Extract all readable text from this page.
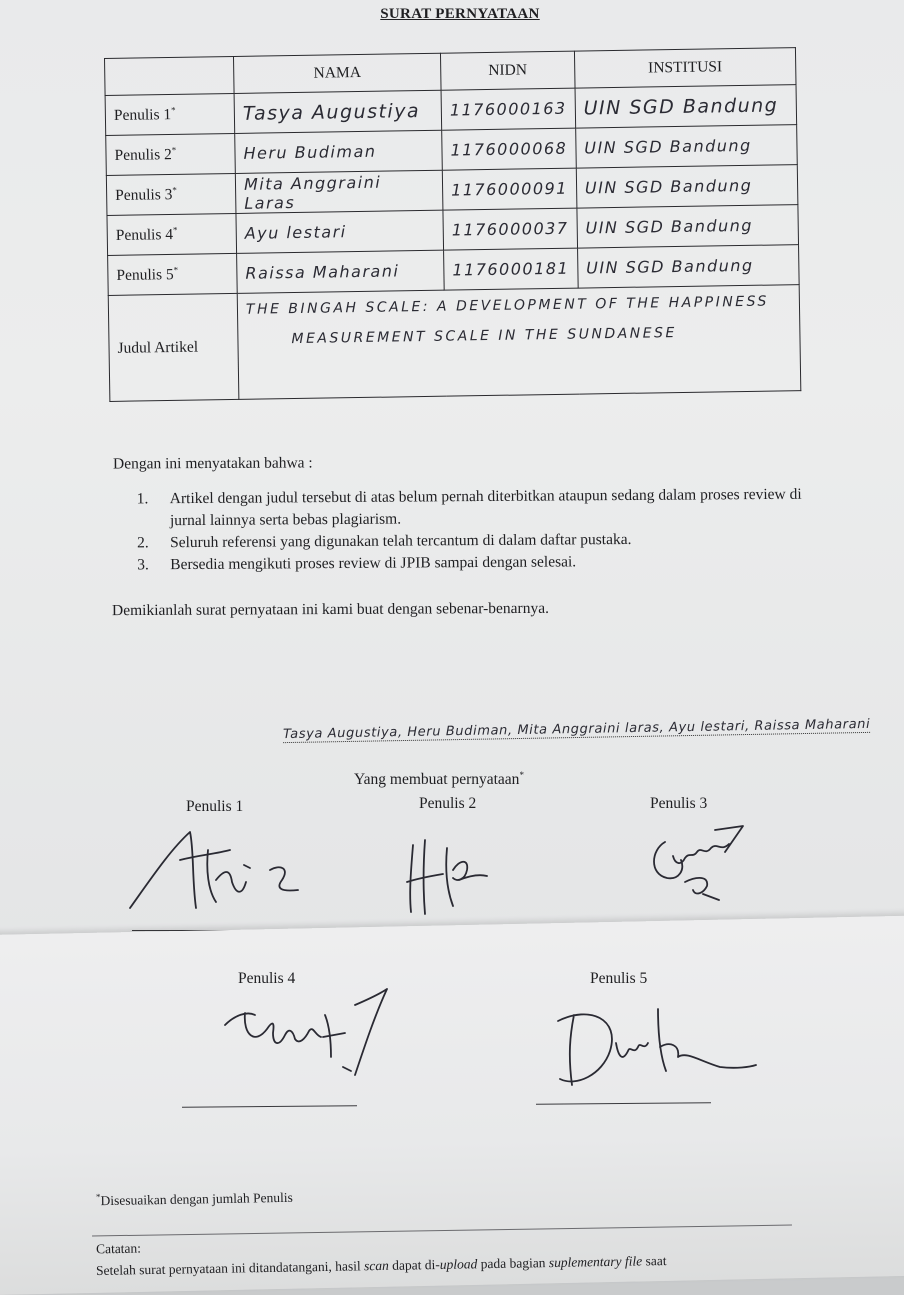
SURAT PERNYATAAN
	NAMA	NIDN	INSTITUSI
Penulis 1*	Tasya Augustiya	1176000163	UIN SGD Bandung
Penulis 2*	Heru Budiman	1176000068	UIN SGD Bandung
Penulis 3*	Mita Anggraini Laras	1176000091	UIN SGD Bandung
Penulis 4*	Ayu lestari	1176000037	UIN SGD Bandung
Penulis 5*	Raissa Maharani	1176000181	UIN SGD Bandung
Judul Artikel	THE BINGAH SCALE: A DEVELOPMENT OF THE HAPPINESS
MEASUREMENT SCALE IN THE SUNDANESE		
Dengan ini menyatakan bahwa :
1. Artikel dengan judul tersebut di atas belum pernah diterbitkan ataupun sedang dalam proses review di jurnal lainnya serta bebas plagiarism.
2. Seluruh referensi yang digunakan telah tercantum di dalam daftar pustaka.
3. Bersedia mengikuti proses review di JPIB sampai dengan selesai.
Demikianlah surat pernyataan ini kami buat dengan sebenar-benarnya.
Tasya Augustiya, Heru Budiman, Mita Anggraini laras, Ayu lestari, Raissa Maharani
Yang membuat pernyataan*
Penulis 1	Penulis 2	Penulis 3
Penulis 4	Penulis 5
*Disesuaikan dengan jumlah Penulis
Catatan:
Setelah surat pernyataan ini ditandatangani, hasil scan dapat di-upload pada bagian suplementary file saat
